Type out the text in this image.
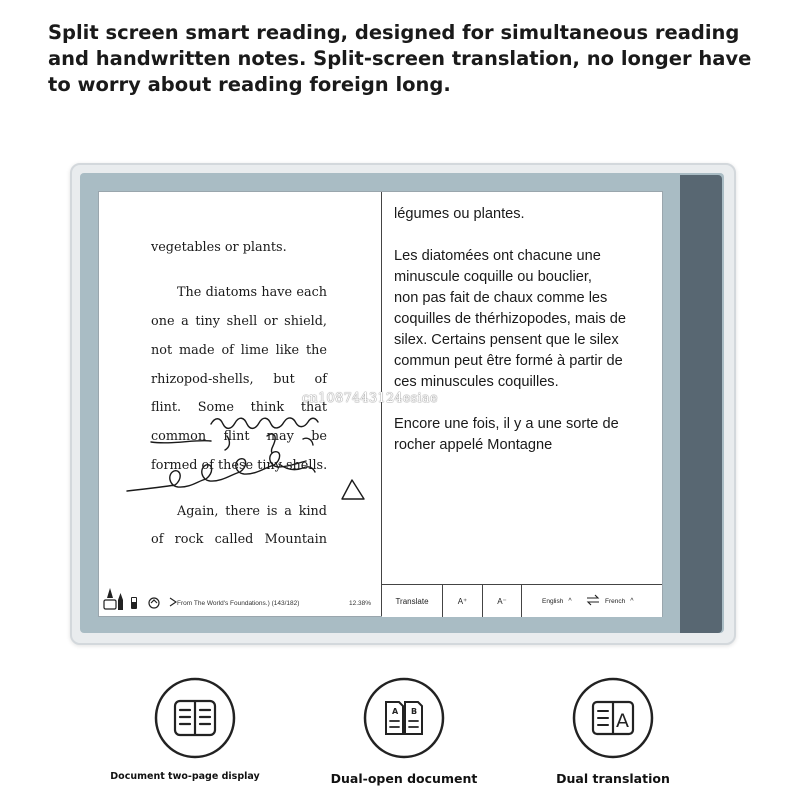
Split screen smart reading, designed for simultaneous reading and handwritten notes. Split-screen translation, no longer have to worry about reading foreign long.

vegetables or plants.
The diatoms have each
one a tiny shell or shield,
not made of lime like the
rhizopod-shells, but of
flint. Some think that
common flint may be
formed of these tiny shells.
Again, there is a kind
of rock called Mountain
légumes ou plantes.
Les diatomées ont chacune une
minuscule coquille ou bouclier,
non pas fait de chaux comme les
coquilles de thérhizopodes, mais de
silex. Certains pensent que le silex
commun peut être formé à partir de
ces minuscules coquilles.
Encore une fois, il y a une sorte de
rocher appelé Montagne
From The World's Foundations.) (143/182)	12.38%	Translate	A⁺	A⁻	English ^	French ^
cn1087443124esiae
Document two-page display
A B
Dual-open document
A
Dual translation
